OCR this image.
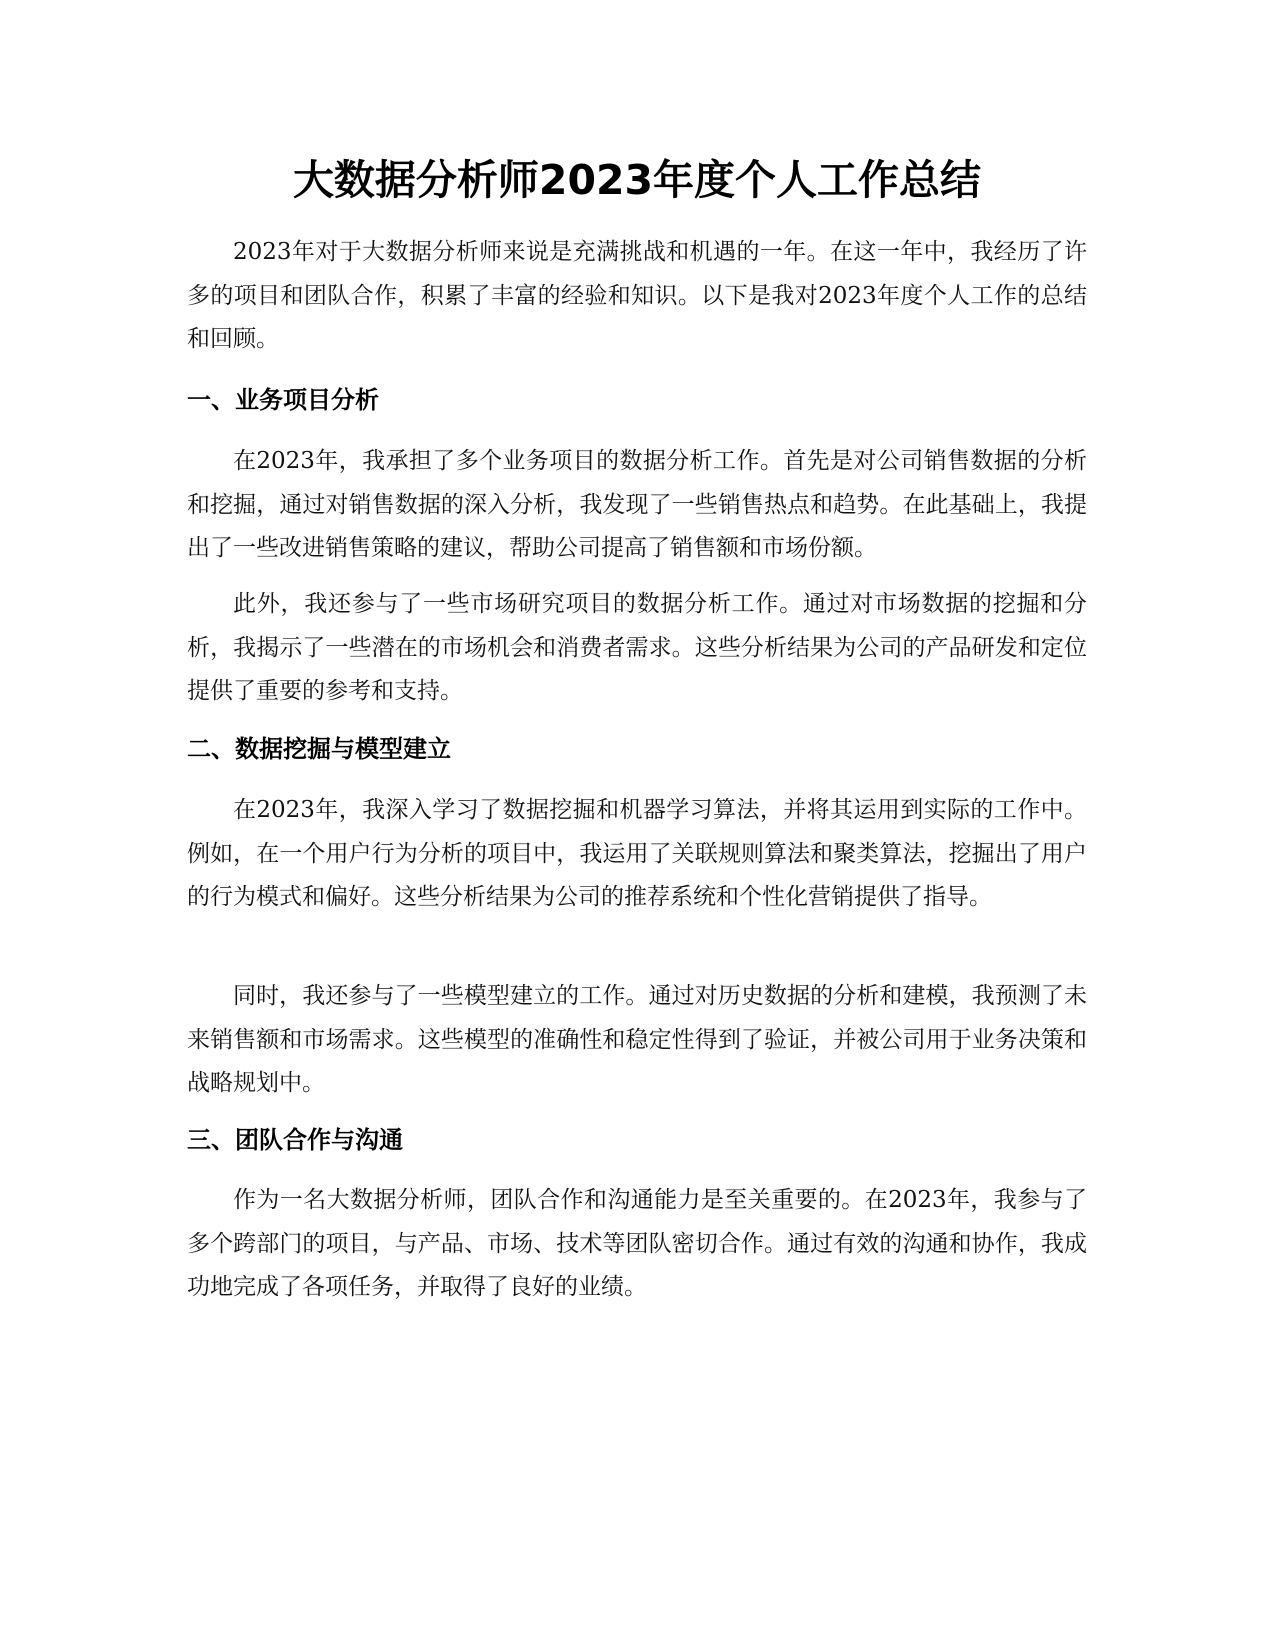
大数据分析师2023年度个人工作总结

2023年对于大数据分析师来说是充满挑战和机遇的一年。在这一年中，我经历了许多的项目和团队合作，积累了丰富的经验和知识。以下是我对2023年度个人工作的总结和回顾。

一、业务项目分析

在2023年，我承担了多个业务项目的数据分析工作。首先是对公司销售数据的分析和挖掘，通过对销售数据的深入分析，我发现了一些销售热点和趋势。在此基础上，我提出了一些改进销售策略的建议，帮助公司提高了销售额和市场份额。

此外，我还参与了一些市场研究项目的数据分析工作。通过对市场数据的挖掘和分析，我揭示了一些潜在的市场机会和消费者需求。这些分析结果为公司的产品研发和定位提供了重要的参考和支持。

二、数据挖掘与模型建立

在2023年，我深入学习了数据挖掘和机器学习算法，并将其运用到实际的工作中。例如，在一个用户行为分析的项目中，我运用了关联规则算法和聚类算法，挖掘出了用户的行为模式和偏好。这些分析结果为公司的推荐系统和个性化营销提供了指导。

同时，我还参与了一些模型建立的工作。通过对历史数据的分析和建模，我预测了未来销售额和市场需求。这些模型的准确性和稳定性得到了验证，并被公司用于业务决策和战略规划中。

三、团队合作与沟通

作为一名大数据分析师，团队合作和沟通能力是至关重要的。在2023年，我参与了多个跨部门的项目，与产品、市场、技术等团队密切合作。通过有效的沟通和协作，我成功地完成了各项任务，并取得了良好的业绩。
